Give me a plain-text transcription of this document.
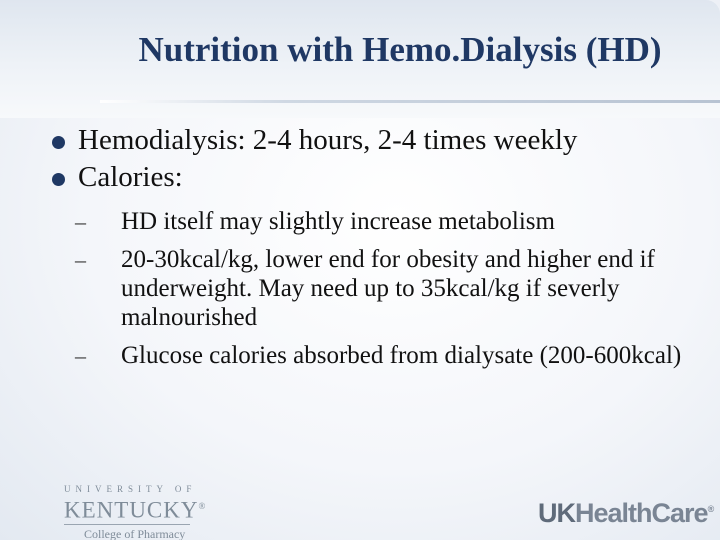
Nutrition with Hemo.Dialysis (HD)
Hemodialysis: 2-4 hours, 2-4 times weekly
Calories:
– HD itself may slightly increase metabolism
– 20-30kcal/kg, lower end for obesity and higher end if underweight. May need up to 35kcal/kg if severly malnourished
– Glucose calories absorbed from dialysate (200-600kcal)
UNIVERSITY OF
KENTUCKY®
College of Pharmacy
UKHealthCare®
